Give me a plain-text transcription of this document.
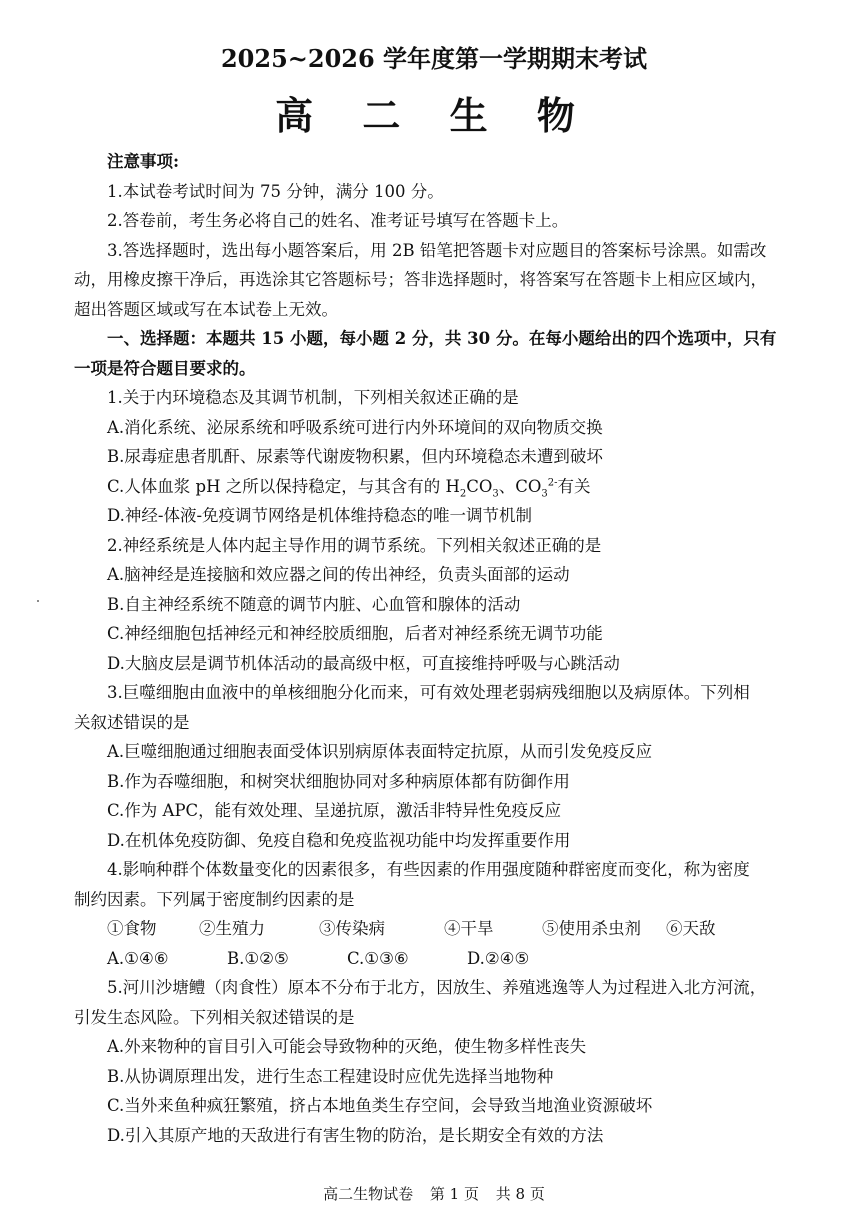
2025~2026 学年度第一学期期末考试
高 二 生 物

注意事项:

1.本试卷考试时间为 75 分钟，满分 100 分。

2.答卷前，考生务必将自己的姓名、准考证号填写在答题卡上。

3.答选择题时，选出每小题答案后，用 2B 铅笔把答题卡对应题目的答案标号涂黑。如需改

动，用橡皮擦干净后，再选涂其它答题标号；答非选择题时，将答案写在答题卡上相应区域内，

超出答题区域或写在本试卷上无效。

一、选择题：本题共 15 小题，每小题 2 分，共 30 分。在每小题给出的四个选项中，只有

一项是符合题目要求的。

1.关于内环境稳态及其调节机制，下列相关叙述正确的是

A.消化系统、泌尿系统和呼吸系统可进行内外环境间的双向物质交换

B.尿毒症患者肌酐、尿素等代谢废物积累，但内环境稳态未遭到破坏

C.人体血浆 pH 之所以保持稳定，与其含有的 $H_2CO_3$、$CO_3^{2-}$有关

D.神经-体液-免疫调节网络是机体维持稳态的唯一调节机制

2.神经系统是人体内起主导作用的调节系统。下列相关叙述正确的是

A.脑神经是连接脑和效应器之间的传出神经，负责头面部的运动

B.自主神经系统不随意的调节内脏、心血管和腺体的活动

C.神经细胞包括神经元和神经胶质细胞，后者对神经系统无调节功能

D.大脑皮层是调节机体活动的最高级中枢，可直接维持呼吸与心跳活动

3.巨噬细胞由血液中的单核细胞分化而来，可有效处理老弱病残细胞以及病原体。下列相

关叙述错误的是

A.巨噬细胞通过细胞表面受体识别病原体表面特定抗原，从而引发免疫反应

B.作为吞噬细胞，和树突状细胞协同对多种病原体都有防御作用

C.作为 APC，能有效处理、呈递抗原，激活非特异性免疫反应

D.在机体免疫防御、免疫自稳和免疫监视功能中均发挥重要作用

4.影响种群个体数量变化的因素很多，有些因素的作用强度随种群密度而变化，称为密度

制约因素。下列属于密度制约因素的是

①食物	②生殖力	③传染病	④干旱	⑤使用杀虫剂	⑥天敌

A.①④⑥	B.①②⑤	C.①③⑥	D.②④⑤

5.河川沙塘鳢（肉食性）原本不分布于北方，因放生、养殖逃逸等人为过程进入北方河流，

引发生态风险。下列相关叙述错误的是

A.外来物种的盲目引入可能会导致物种的灭绝，使生物多样性丧失

B.从协调原理出发，进行生态工程建设时应优先选择当地物种

C.当外来鱼种疯狂繁殖，挤占本地鱼类生存空间，会导致当地渔业资源破坏

D.引入其原产地的天敌进行有害生物的防治，是长期安全有效的方法

高二生物试卷 第 1 页 共 8 页
